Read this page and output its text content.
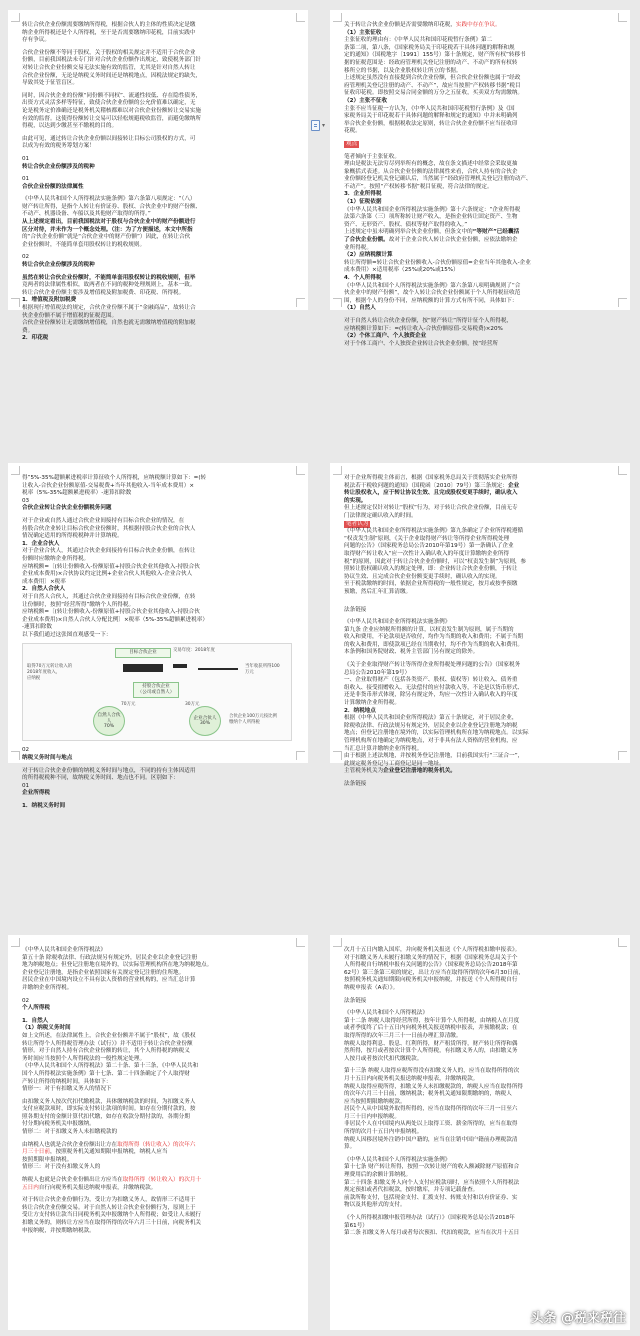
转让合伙企业份额需要缴纳所得税，根据合伙人的主体的性质决定是缴
纳企业所得税还是个人所得税，至于是否需要缴纳印花税，目前实践中
存有争议。
合伙企业份额不等同于股权，关于股权的相关规定并不适用于合伙企业
份额，目前我国税法未专门针对合伙企业份额作出规定，致使税务部门针
对转让合伙企业份额交易无法实施有效的监管，尤其是针对自然人转让
合伙企业份额，无论是纳税义务时间还是纳税地点，因税法规定的缺失，
导致其处于征管盲区。
同时，因合伙企业的份额“同份额不同权”、流通性较低、存在隐性债务，
出资方式灵活多样等特征，致使合伙企业份额的公允价值难以确定，无
论是税务定价准确还是税务机关稽核都难以对合伙企业份额转让交易实施
有效的监督。这使得份额转让交易可以轻松规避税收监管，而避免缴纳所
得税，以达到少缴甚至不缴税的目的。
由此可见，通过转让合伙企业份额以间接转让目标公司股权的方式，可
以成为有效的税务筹划方案！
01
转让合伙企业份额涉及的税种
01
合伙企业份额的法律属性
《中华人民共和国个人所得税法实施条例》第六条第八项规定：“（八）
财产转让所得，是指个人转让有价证券、股权、合伙企业中的财产份额、
不动产、机器设备、车船以及其他财产取得的所得。”
从上述规定看出，目前我国税法对于股权与合伙企业中的财产份额进行
区分对待，并未作为一个概念处理。（注：为了方便描述，本文中所指
的“合伙企业份额”就是“合伙企业中的财产份额”）因此，在转让合伙
企业份额时，不能简单套用股权转让的税收规则。
02
转让合伙企业份额涉及的税种
虽然在转让合伙企业份额时，不能简单套用股权转让的税收规则，但毕
竟两者的法律属性相似，故两者在不同的税种处理规则上，基本一致。
转让合伙企业份额主要涉及增值税及附加税费、印花税、所得税。
1．增值税及附加税费
根据现行增值税法的规定，合伙企业份额不属于“金融商品”，故转让合
伙企业份额不属于增值税的征税范围。
合伙企业份额转让无需缴纳增值税，自然也就无需缴纳增值税的附加税
费。
2．印花税
▾
关于转让合伙企业份额是否需要缴纳印花税，实践中存在争议。
（1）主张征收
主张征收的理由有：《中华人民共和国印花税暂行条例》第二
条第二项，第八条，《国家税务局关于印花税若干具体问题的解释和规
定的通知》（国税地字〔1991〕155号）第十条规定，财产所有权”转移书
据的征税范围是：经政府管理机关登记注册的动产、不动产的所有权转
移所立的书据，以及企业股权转让所立的书据。
上述规定虽然没有直接提到合伙企业份额，但合伙企业份额也属于“经政
府管理机关登记注册的动产、不动产”，故应当按照“产权转移书据”税目
征收印花税。即按照交易合同金额的万分之五征收，买卖双方均需缴纳。
（2）主张不征收
主张不应当征税一方认为，《中华人民共和国印花税暂行条例》及《国
家税务局关于印花税若干具体问题的解释和规定的通知》中并未明确列
举合伙企业份额，根据税收法定原则，转让合伙企业份额不应当征收印
花税。
观点
笔者倾向于主张征收。
理由是税法无法穷尽列举所有的概念，故在条文描述中经常会采取更抽
象概括式表述。从合伙企业份额的法律属性来看，合伙人持有的合伙企
业份额经登记机关登记确认后，当然属于“经政府管理机关登记注册的动产、
不动产”。按照“产权转移书据”税目征税，符合法律的规定。
3．企业所得税
（1）征税依据
《中华人民共和国企业所得税法实施条例》第十六条规定：“企业所得税
法第六条第（三）项所称转让财产收入，是指企业转让固定资产、生物
资产、无形资产、股权、债权等财产取得的收入。”
上述规定中虽未明确列举合伙企业份额，但条文中的“等财产”已经囊括
了合伙企业份额。故对于企业合伙人转让合伙企业份额，应依法缴纳企
业所得税。
（2）应纳税额计算
转让所得额=转让合伙企业份额收入-合伙份额原值=企业当年其他收入-企业
成本费用）×适用税率（25%或20%或15%）
4．个人所得税
《中华人民共和国个人所得税法实施条例》第六条第八项明确规则了“合
伙企业中的财产份额”，故个人转让合伙企业份额属于个人所得税征收范
围，根据个人的身份不同，应纳税额的计算方式有所不同，具体如下：
（1）自然人
对于自然人转让合伙企业份额，按“财产转让”所得计征个人所得税，
应纳税额计算如下：=(转让收入-合伙份额原值-交易税费)×20%
（2）个体工商户、个人独资企业
对于个体工商户、个人独资企业转让合伙企业份额，按“经营所
得”5%-35%超额累进税率计算征收个人所得税，应纳税额计算如下：=(转
让收入-合伙企业份额原值-交易税费+当年其他收入-当年成本费用）×
税率（5%-35%超额累进税率）-速算扣除数
03
合伙企业转让合伙企业份额税务问题
对于企业或自然人通过合伙企业间接持有目标合伙企业的情况，在
持股合伙企业转让目标合伙企业份额时，其根据持股合伙企业的合伙人
情况确定适用的所得税税种并计算纳税。
1．企业合伙人
对于企业合伙人，其通过合伙企业间接持有目标合伙企业份额，在转让
份额时应缴纳企业所得税。
应纳税额=〔(转让份额收入-份额原值+持股合伙企业其他收入-持股合伙
企业成本费用)×合伙协议约定比例+企业合伙人其他收入-企业合伙人
成本费用〕×税率
2．自然人合伙人
对于自然人合伙人，其通过合伙企业间接持有目标合伙企业份额，在转
让份额时，按照“经营所得”缴纳个人所得税。
应纳税额=〔(转让份额收入-份额原值+持股合伙企业其他收入-持股合伙
企业成本费用)×自然人合伙人分配比例〕×税率（5%-35%超额累进税率）
-速算扣除数
以下我们通过这张图直观感受一下：
目标合伙企业	交易年度：2018年度
取得70万元转让收入的
2018年度收入，
应纳税
当年收获所得100
万元
持股合伙企业
（公司或自然人）
70万元	30万元
自然人合伙人
70%
企业合伙人
30%
合伙企业100万元按比例
缴纳个人所得税
02
纳税义务时间与地点
对于转让合伙企业份额的纳税义务时间与地点，不同的持有主体因适用
的所得税税种不同，故纳税义务时间、地点也不同。区别如下：
01
企业所得税
1．纳税义务时间
对于企业所得税主体而言，根据《国家税务总局关于贯彻落实企业所得
税法若干税收问题的通知》（国税函〔2010〕79号）第三条规定：企业
转让股权收入，应于转让协议生效、且完成股权变更手续时，确认收入
的实现。
但上述规定仅针对转让“股权”行为，对于转让合伙企业份额，目前无专
门法律规定确认收入的时间。
笔者认为
《中华人民共和国企业所得税法实施条例》第九条确定了企业所得税遵循
“权责发生制”原则，《关于企业取得财产转让等所得企业所得税处理
问题的公告》（国家税务总局公告2010年第19号）第一条确认了企业
取得财产转让收入“应一次性计入确认收入的年度计算缴纳企业所得
税”的原则，因此对于转让合伙企业份额时，可以“权责发生制”为原则，参
照转让股权确认收入的规定处理，即：企业转让合伙企业份额，于转让
协议生效、且完成合伙企业份额变更手续时，确认收入的实现。
至于税款缴纳的时间，依据企业所得税的一般性规定，按月或按季预缴
预缴，然后汇年汇算清缴。
法条链接
《中华人民共和国企业所得税法实施条例》
第九条 企业应纳税所得额的计算，以权责发生制为原则，属于当期的
收入和费用，不论款项是否收付，均作为当期的收入和费用；不属于当期
的收入和费用，即使款项已经在当期收付，均不作为当期的收入和费用。
本条例和国务院财政、税务主管部门另有规定的除外。
《关于企业取得财产转让等所得企业所得税处理问题的公告》（国家税务
总局公告2010年第19号）
一、企业取得财产（包括各类资产、股权、债权等）转让收入、债务重
组收入、接受捐赠收入、无法偿付的应付款收入等，不论是以货币形式、
还是非货币形式体现，除另有规定外，均应一次性计入确认收入的年度
计算缴纳企业所得税。
2．纳税地点
根据《中华人民共和国企业所得税法》第五十条规定，对于居民企业，
除税收法律、行政法规另有规定外，居民企业以企业登记注册地为纳税
地点；但登记注册地在境外的，以实际管理机构所在地为纳税地点。以实际
管理机构所在地确定为纳税地点，对于非具有法人资格的营业机构，应
当汇总计算并缴纳企业所得税。
由于根据上述法规地，并按税务登记注册地，目前我国实行“三证合一”，
此规定税务登记与工商登记是同一地址。
主管税务机关为企业登记注册地的税务机关。
法条链接
《中华人民共和国企业所得税法》
第五十条 除税收法律、行政法规另有规定外，居民企业以企业登记注册
地为纳税地点；但登记注册地在境外的，以实际管理机构所在地为纳税地点。
企业登记注册地，是指企业依照国家有关规定登记注册的住所地。
居民企业在中国境内设立不具有法人资格的营业机构的，应当汇总计算
并缴纳企业所得税。
02
个人所得税
1．自然人
（1）纳税义务时间
如上文所述，在法律属性上，合伙企业份额并不属于“股权”，故《股权
转让所得个人所得税管理办法（试行）》并不适用于转让合伙企业份额
情形。对于自然人持有合伙企业份额的转让，其个人所得税的纳税义
务时间应当按照个人所得税法的一般性规定处理。
《中华人民共和国个人所得税法》第二十条、第十三条，《中华人民共和
国个人所得税法实施条例》第十七条、第二十四条确定了个人取得财
产转让所得的纳税时间，具体如下：
情形一：对于有扣缴义务人的情况下
由扣缴义务人按次代扣代缴税款，具体缴纳税款的时间，为扣缴义务人
支付应税款项时，即实际支付转让款项的时间。如存在分期付款的，按
照各期支付的金额计算代扣代缴，如存在收款分期付款的，各期分期
付分期向税务机关申报缴纳。
情形二：对于扣缴义务人未扣缴税款的
由纳税人也就是合伙企业份额出让方在取得所得（转让收入）的次年六
月三十日前，按照税务机关通知期限申报纳税，纳税人应当
按照期限申报纳税。
情形三：对于没有扣缴义务人的
纳税人也就是合伙企业份额出让方应当在取得所得（转让收入）的次月十
五日内自行向税务机关报送纳税申报表，并缴纳税款。
对于转让合伙企业份额行为，受让方为扣缴义务人，故情形三不适用于
转让合伙企业份额交易。对于自然人转让合伙企业份额行为，原则上于
受让方支付转让款当日同税务机关申报缴纳个人所得税；如受让人未履行
扣缴义务的，则转让方应当在取得所得的次年六月三十日前，向税务机关
申报纳税，并按期缴纳税款。
次月十五日内缴入国库，并向税务机关报送《个人所得税扣缴申报表》。
对于扣缴义务人未履行扣缴义务的情况下，根据《国家税务总局关于个
人所得税自行纳税申报有关问题的公告》（国家税务总局公告2018年第
62号）第三条第三项的规定，出让方应当在取得所得的次年6月30日前，
按照税务机关通知期限向税务机关申报纳税，并报送《个人所得税自行
纳税申报表（A表）》。
法条链接
《中华人民共和国个人所得税法》
第十二条 纳税人取得经营所得，按年计算个人所得税，由纳税人在月度
或者季度终了后十五日内向税务机关报送纳税申报表，并预缴税款；在
取得所得的次年三月三十一日前办理汇算清缴。
纳税人取得利息、股息、红利所得，财产租赁所得，财产转让所得和偶
然所得，按月或者按次计算个人所得税，有扣缴义务人的，由扣缴义务
人按月或者按次代扣代缴税款。
第十三条 纳税人取得应税所得没有扣缴义务人的，应当在取得所得的次
月十五日内向税务机关报送纳税申报表，并缴纳税款。
纳税人取得应税所得，扣缴义务人未扣缴税款的，纳税人应当在取得所得
的次年六月三十日前，缴纳税款；税务机关通知限期缴纳的，纳税人
应当按照期限缴纳税款。
居民个人从中国境外取得所得的，应当在取得所得的次年三月一日至六
月三十日内申报纳税。
非居民个人在中国境内从两处以上取得工资、薪金所得的，应当在取得
所得的次月十五日内申报纳税。
纳税人因移居境外注销中国户籍的，应当在注销中国户籍前办理税款清
算。
《中华人民共和国个人所得税法实施条例》
第十七条 财产转让所得，按照一次转让财产的收入额减除财产原值和合
理费用后的余额计算纳税。
第二十四条 扣缴义务人向个人支付应税款项时，应当依照个人所得税法
规定预扣或者代扣税款，按时缴库，并专项记载备查。
前款所称支付，包括现金支付、汇拨支付、转账支付和以有价证券、实
物以及其他形式的支付。
《个人所得税扣缴申报管理办法（试行）》（国家税务总局公告2018年
第61号）
第二条 扣缴义务人每月或者每次预扣、代扣的税款，应当在次月十五日
头条 @税来税往
